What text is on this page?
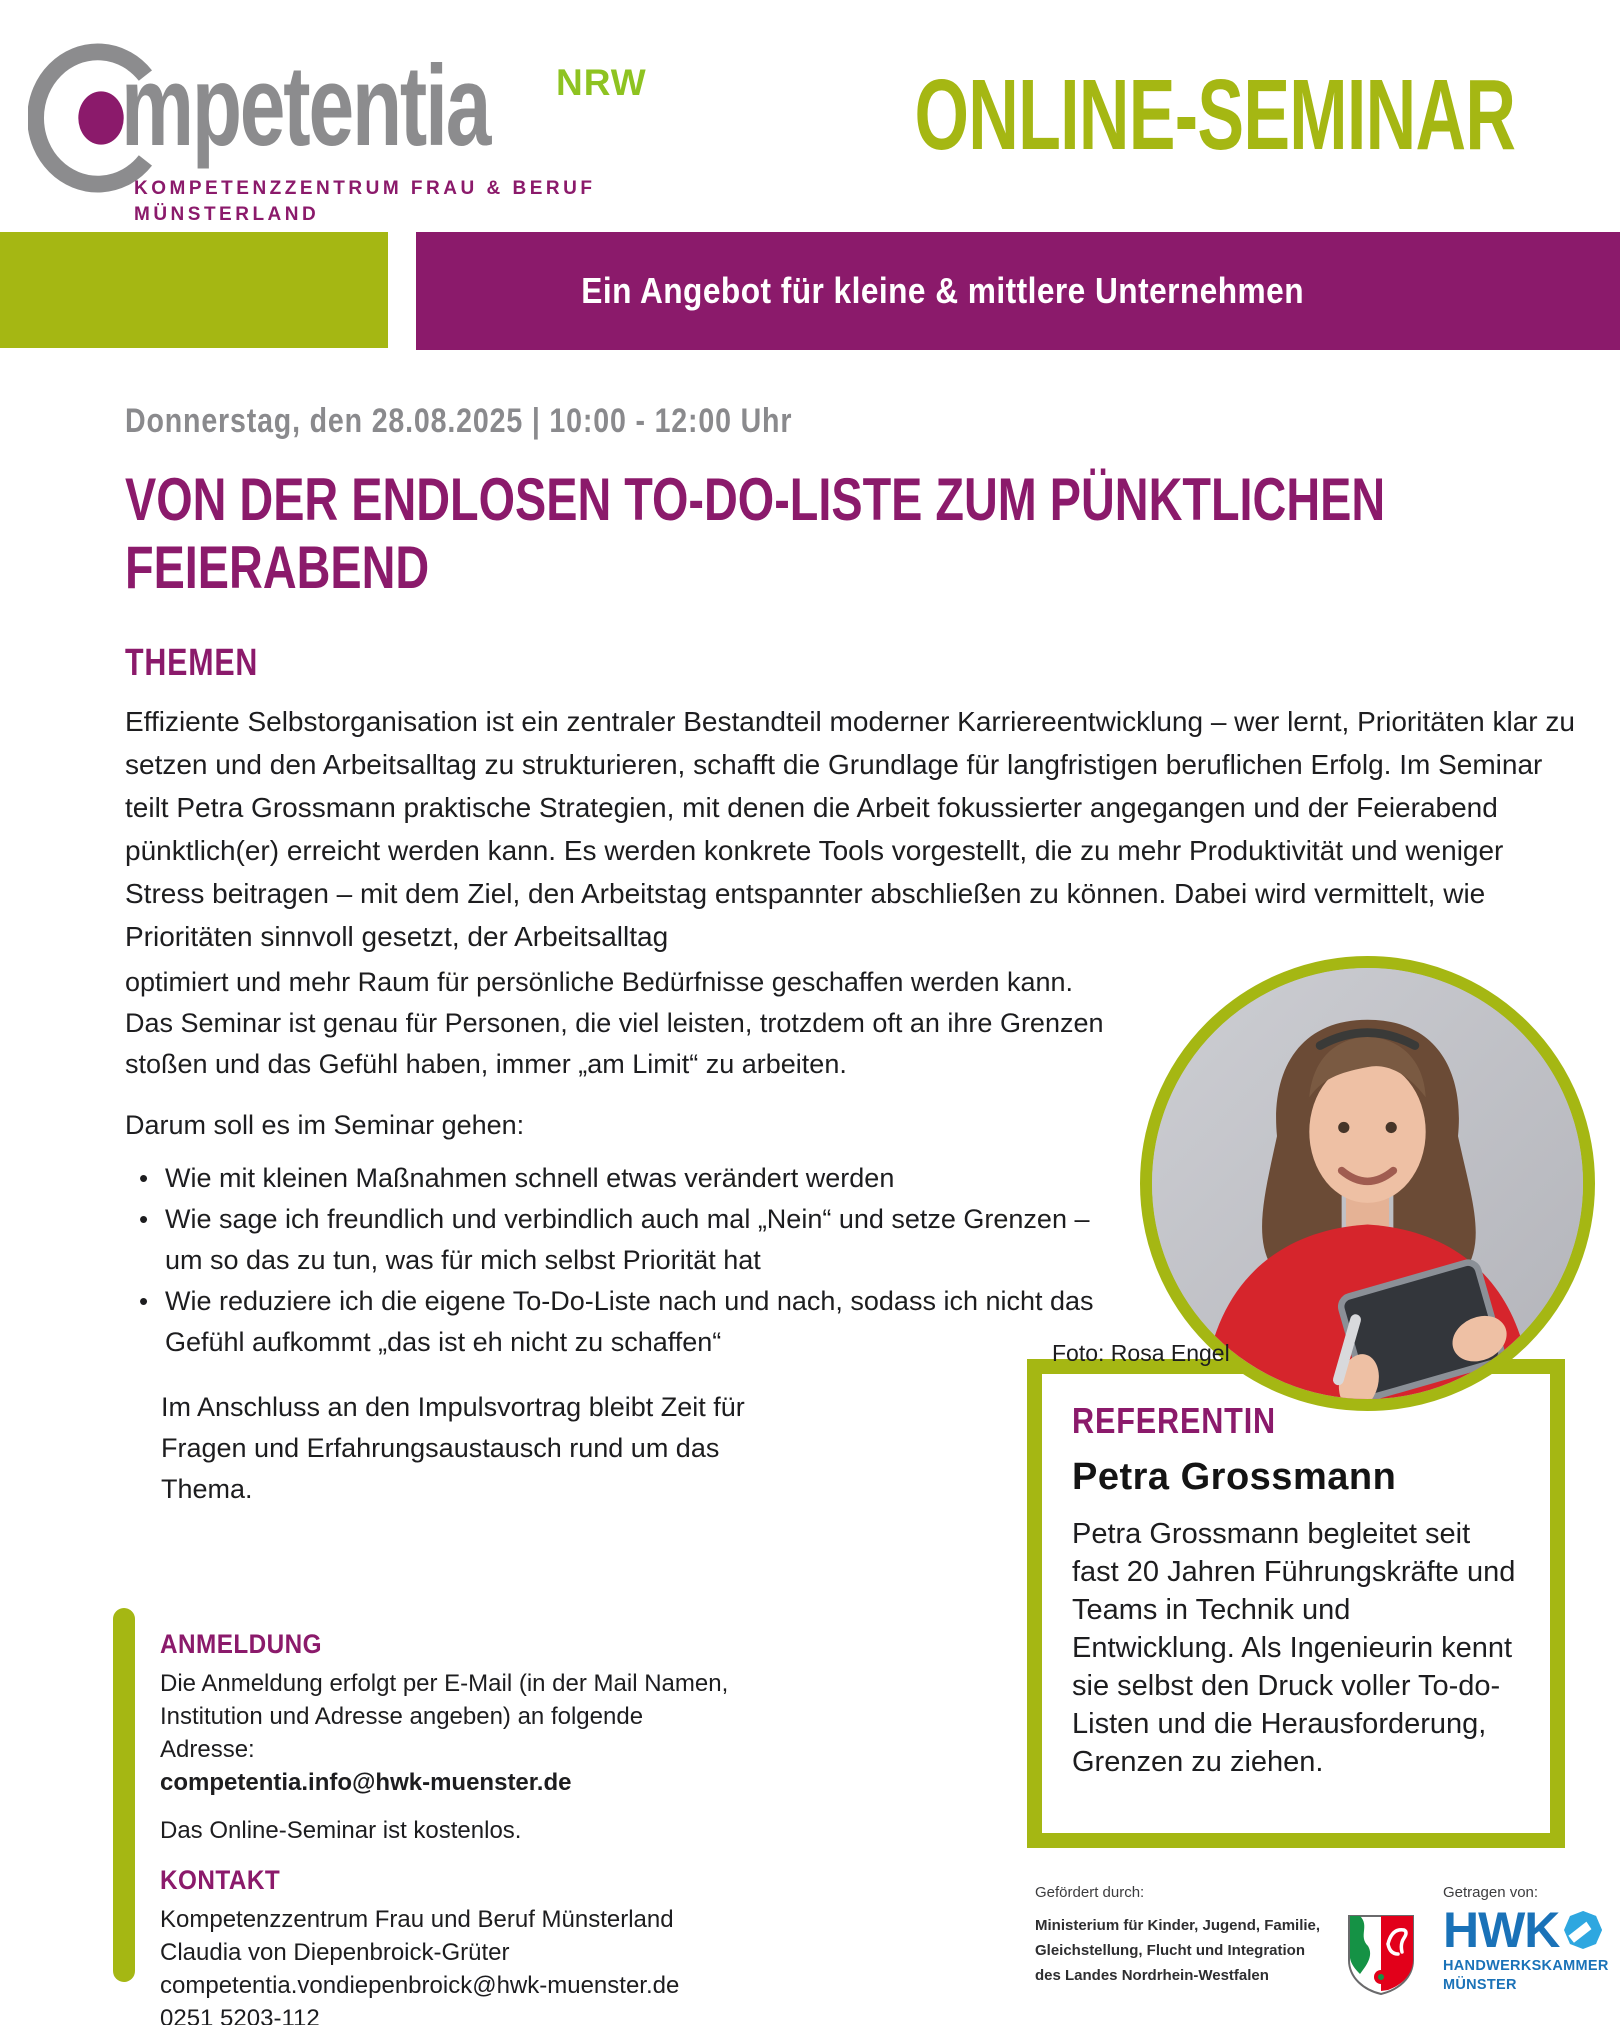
mpetentia NRW
KOMPETENZZENTRUM FRAU & BERUF
MÜNSTERLAND
ONLINE-SEMINAR
Ein Angebot für kleine & mittlere Unternehmen
Donnerstag, den 28.08.2025 | 10:00 - 12:00 Uhr
VON DER ENDLOSEN TO-DO-LISTE ZUM PÜNKTLICHEN FEIERABEND
THEMEN

Effiziente Selbstorganisation ist ein zentraler Bestandteil moderner Karriereentwicklung – wer lernt, Prioritäten klar zu setzen und den Arbeitsalltag zu strukturieren, schafft die Grundlage für langfristigen beruflichen Erfolg. Im Seminar teilt Petra Grossmann praktische Strategien, mit denen die Arbeit fokussierter angegangen und der Feierabend pünktlich(er) erreicht werden kann. Es werden konkrete Tools vorgestellt, die zu mehr Produktivität und weniger Stress beitragen – mit dem Ziel, den Arbeitstag entspannter abschließen zu können. Dabei wird vermittelt, wie Prioritäten sinnvoll gesetzt, der Arbeitsalltag

optimiert und mehr Raum für persönliche Bedürfnisse geschaffen werden kann. Das Seminar ist genau für Personen, die viel leisten, trotzdem oft an ihre Grenzen stoßen und das Gefühl haben, immer „am Limit“ zu arbeiten.

Darum soll es im Seminar gehen:

• Wie mit kleinen Maßnahmen schnell etwas verändert werden
• Wie sage ich freundlich und verbindlich auch mal „Nein“ und setze Grenzen – um so das zu tun, was für mich selbst Priorität hat
• Wie reduziere ich die eigene To-Do-Liste nach und nach, sodass ich nicht das Gefühl aufkommt „das ist eh nicht zu schaffen“

Im Anschluss an den Impulsvortrag bleibt Zeit für Fragen und Erfahrungsaustausch rund um das Thema.

Foto: Rosa Engel
REFERENTIN
Petra Grossmann

Petra Grossmann begleitet seit fast 20 Jahren Führungskräfte und Teams in Technik und Entwicklung. Als Ingenieurin kennt sie selbst den Druck voller To-do-Listen und die Herausforderung, Grenzen zu ziehen.

ANMELDUNG

Die Anmeldung erfolgt per E-Mail (in der Mail Namen, Institution und Adresse angeben) an folgende Adresse:

competentia.info@hwk-muenster.de

Das Online-Seminar ist kostenlos.

KONTAKT

Kompetenzzentrum Frau und Beruf Münsterland

Claudia von Diepenbroick-Grüter

competentia.vondiepenbroick@hwk-muenster.de

0251 5203-112

Gefördert durch:
Ministerium für Kinder, Jugend, Familie,
Gleichstellung, Flucht und Integration
des Landes Nordrhein-Westfalen
Getragen von:
HWK
HANDWERKSKAMMER
MÜNSTER
